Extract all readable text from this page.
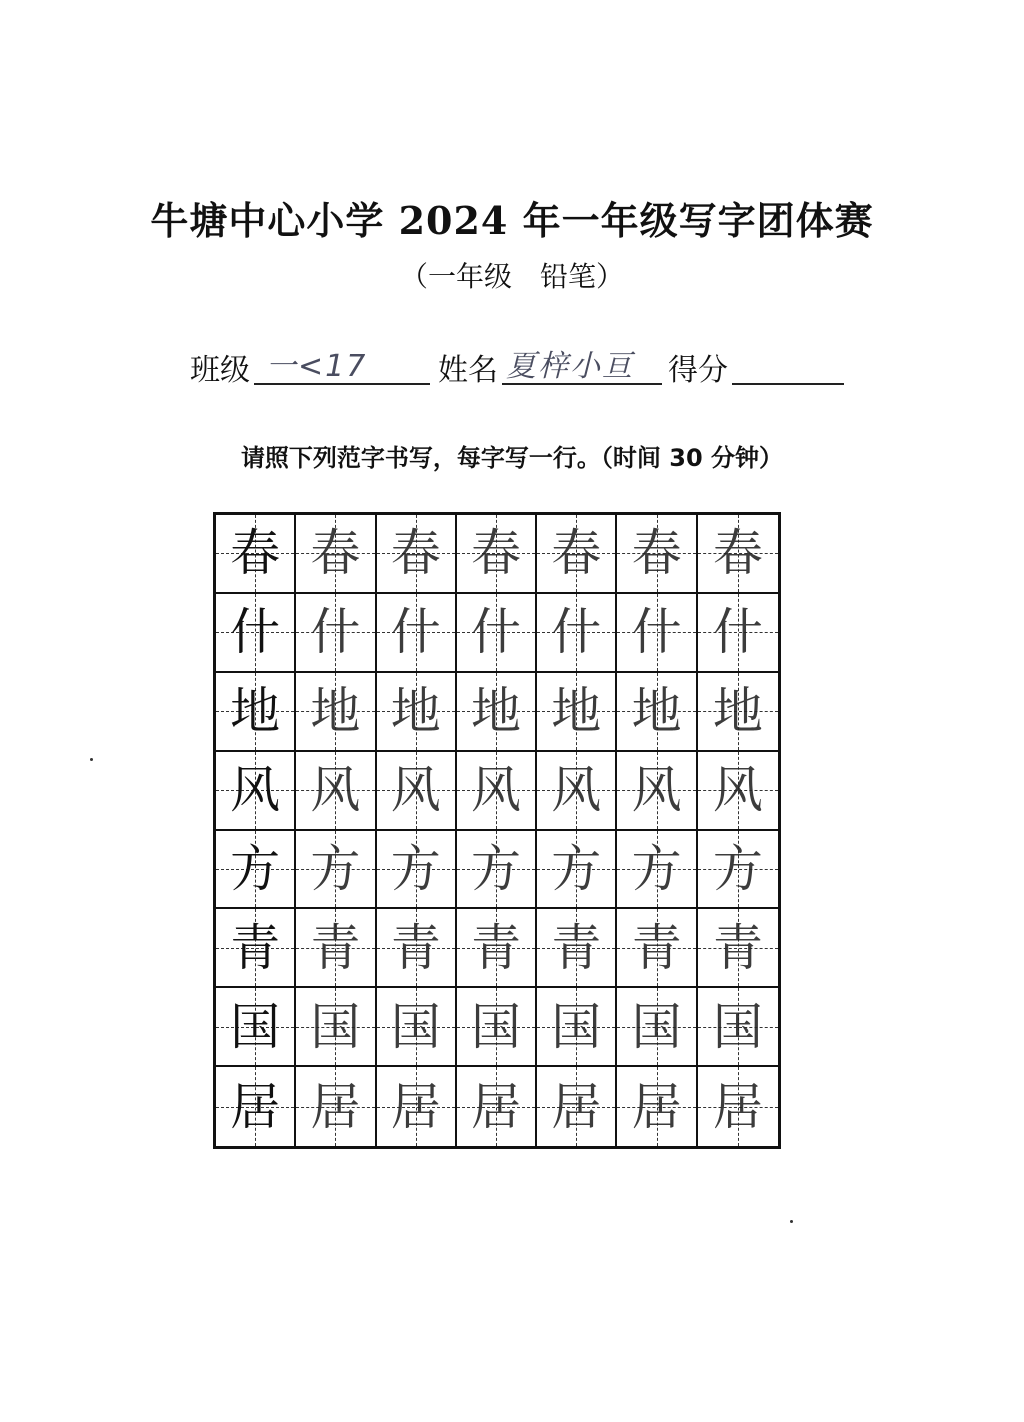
牛塘中心小学 2024 年一年级写字团体赛
（一年级　铅笔）
班级 一<17 姓名 夏梓小亘 得分
请照下列范字书写，每字写一行。（时间 30 分钟）
春 春 春 春 春 春 春
什 什 什 什 什 什 什
地 地 地 地 地 地 地
风 风 风 风 风 风 风
方 方 方 方 方 方 方
青 青 青 青 青 青 青
国 国 国 国 国 国 国
居 居 居 居 居 居 居
